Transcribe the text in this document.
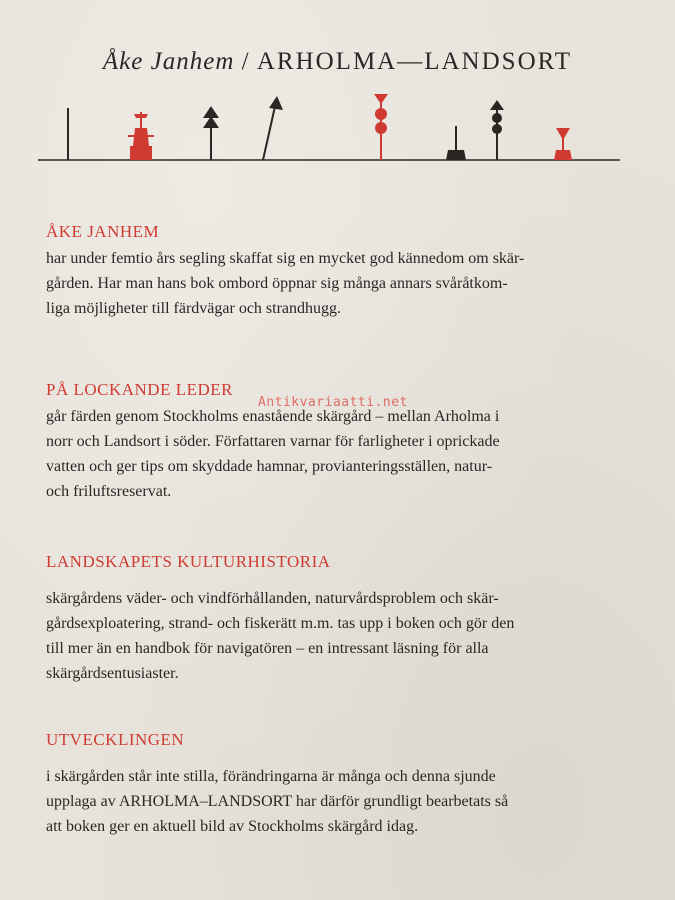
Åke Janhem / ARHOLMA—LANDSORT
ÅKE JANHEM

har under femtio års segling skaffat sig en mycket god kännedom om skär-
gården. Har man hans bok ombord öppnar sig många annars svåråtkom-
liga möjligheter till färdvägar och strandhugg.

PÅ LOCKANDE LEDER

går färden genom Stockholms enastående skärgård – mellan Arholma i
norr och Landsort i söder. Författaren varnar för farligheter i oprickade
vatten och ger tips om skyddade hamnar, provianteringsställen, natur-
och friluftsreservat.

LANDSKAPETS KULTURHISTORIA

skärgårdens väder- och vindförhållanden, naturvårdsproblem och skär-
gårdsexploatering, strand- och fiskerätt m.m. tas upp i boken och gör den
till mer än en handbok för navigatören – en intressant läsning för alla
skärgårdsentusiaster.

UTVECKLINGEN

i skärgården står inte stilla, förändringarna är många och denna sjunde
upplaga av ARHOLMA–LANDSORT har därför grundligt bearbetats så
att boken ger en aktuell bild av Stockholms skärgård idag.

Antikvariaatti.net
